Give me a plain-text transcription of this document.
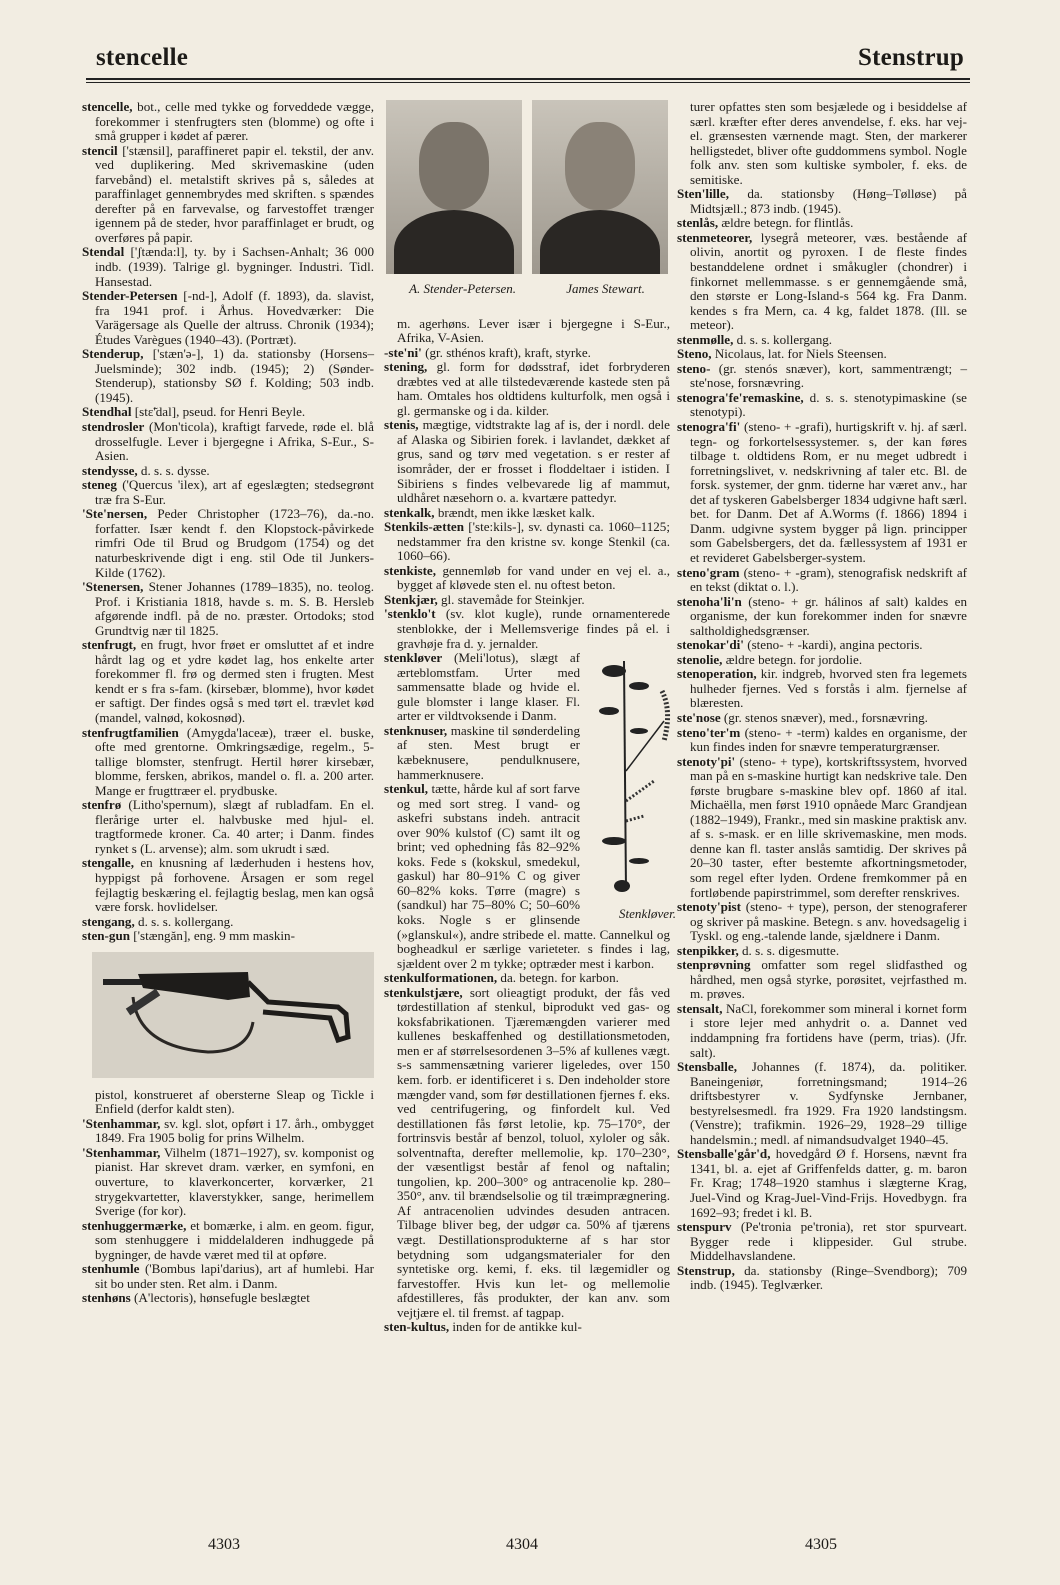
stencelle	Stenstrup

stencelle, bot., celle med tykke og forveddede vægge, forekommer i stenfrugters sten (blomme) og ofte i små grupper i kødet af pærer.

stencil ['stænsil], paraffineret papir el. tekstil, der anv. ved duplikering. Med skrivemaskine (uden farvebånd) el. metalstift skrives på s, således at paraffinlaget gennembrydes med skriften. s spændes derefter på en farvevalse, og farvestoffet trænger igennem på de steder, hvor paraffinlaget er brudt, og overføres på papir.

Stendal ['ʃtænda:l], ty. by i Sachsen-Anhalt; 36 000 indb. (1939). Talrige gl. bygninger. Industri. Tidl. Hansestad.

Stender-Petersen [-nd-], Adolf (f. 1893), da. slavist, fra 1941 prof. i Århus. Hovedværker: Die Varägersage als Quelle der altruss. Chronik (1934); Études Varègues (1940–43). (Portræt).

Stenderup, ['stæn'ə-], 1) da. stationsby (Horsens–Juelsminde); 302 indb. (1945); 2) (Sønder-Stenderup), stationsby SØ f. Kolding; 503 indb. (1945).

Stendhal [stɛ̃'dal], pseud. for Henri Beyle.

stendrosler (Mon'ticola), kraftigt farvede, røde el. blå drosselfugle. Lever i bjergegne i Afrika, S-Eur., S-Asien.

stendysse, d. s. s. dysse.

steneg ('Quercus 'ilex), art af egeslægten; stedsegrønt træ fra S-Eur.

'Ste'nersen, Peder Christopher (1723–76), da.-no. forfatter. Især kendt f. den Klopstock-påvirkede rimfri Ode til Brud og Brudgom (1754) og det naturbeskrivende digt i eng. stil Ode til Junkers-Kilde (1762).

'Stenersen, Stener Johannes (1789–1835), no. teolog. Prof. i Kristiania 1818, havde s. m. S. B. Hersleb afgørende indfl. på de no. præster. Ortodoks; stod Grundtvig nær til 1825.

stenfrugt, en frugt, hvor frøet er omsluttet af et indre hårdt lag og et ydre kødet lag, hos enkelte arter forekommer fl. frø og dermed sten i frugten. Mest kendt er s fra s-fam. (kirsebær, blomme), hvor kødet er saftigt. Der findes også s med tørt el. trævlet kød (mandel, valnød, kokosnød).

stenfrugtfamilien (Amygda'laceæ), træer el. buske, ofte med grentorne. Omkringsædige, regelm., 5-tallige blomster, stenfrugt. Hertil hører kirsebær, blomme, fersken, abrikos, mandel o. fl. a. 200 arter. Mange er frugttræer el. prydbuske.

stenfrø (Litho'spernum), slægt af rubladfam. En el. flerårige urter el. halvbuske med hjul- el. tragtformede kroner. Ca. 40 arter; i Danm. findes rynket s (L. arvense); alm. som ukrudt i sæd.

stengalle, en knusning af læderhuden i hestens hov, hyppigst på forhovene. Årsagen er som regel fejlagtig beskæring el. fejlagtig beslag, men kan også være forsk. hovlidelser.

stengang, d. s. s. kollergang.

sten-gun ['stængăn], eng. 9 mm maskin-

pistol, konstrueret af obersterne Sleap og Tickle i Enfield (derfor kaldt sten).

'Stenhammar, sv. kgl. slot, opført i 17. årh., ombygget 1849. Fra 1905 bolig for prins Wilhelm.

'Stenhammar, Vilhelm (1871–1927), sv. komponist og pianist. Har skrevet dram. værker, en symfoni, en ouverture, to klaverkoncerter, korværker, 21 strygekvartetter, klaverstykker, sange, herimellem Sverige (for kor).

stenhuggermærke, et bomærke, i alm. en geom. figur, som stenhuggere i middelalderen indhuggede på bygninger, de havde været med til at opføre.

stenhumle ('Bombus lapi'darius), art af humlebi. Har sit bo under sten. Ret alm. i Danm.

stenhøns (A'lectoris), hønsefugle beslægtet

A. Stender-Petersen.	James Stewart.

m. agerhøns. Lever især i bjergegne i S-Eur., Afrika, V-Asien.

-ste'ni' (gr. sthénos kraft), kraft, styrke.

stening, gl. form for dødsstraf, idet forbryderen dræbtes ved at alle tilstedeværende kastede sten på ham. Omtales hos oldtidens kulturfolk, men også i gl. germanske og i da. kilder.

stenis, mægtige, vidtstrakte lag af is, der i nordl. dele af Alaska og Sibirien forek. i lavlandet, dækket af grus, sand og tørv med vegetation. s er rester af isområder, der er frosset i floddeltaer i istiden. I Sibiriens s findes velbevarede lig af mammut, uldhåret næsehorn o. a. kvartære pattedyr.

stenkalk, brændt, men ikke læsket kalk.

Stenkils-ætten ['ste:kils-], sv. dynasti ca. 1060–1125; nedstammer fra den kristne sv. konge Stenkil (ca. 1060–66).

stenkiste, gennemløb for vand under en vej el. a., bygget af kløvede sten el. nu oftest beton.

Stenkjær, gl. stavemåde for Steinkjer.

'stenklo't (sv. klot kugle), runde ornamenterede stenblokke, der i Mellemsverige findes på el. i gravhøje fra d. y. jernalder.

Stenkløver.

stenkløver (Meli'lotus), slægt af ærteblomstfam. Urter med sammensatte blade og hvide el. gule blomster i lange klaser. Fl. arter er vildtvoksende i Danm.

stenknuser, maskine til sønderdeling af sten. Mest brugt er kæbeknusere, pendulknusere, hammerknusere.

stenkul, tætte, hårde kul af sort farve og med sort streg. I vand- og askefri substans indeh. antracit over 90% kulstof (C) samt ilt og brint; ved ophedning fås 82–92% koks. Fede s (kokskul, smedekul, gaskul) har 80–91% C og giver 60–82% koks. Tørre (magre) s (sandkul) har 75–80% C; 50–60% koks. Nogle s er glinsende (»glanskul«), andre stribede el. matte. Cannelkul og bogheadkul er særlige varieteter. s findes i lag, sjældent over 2 m tykke; optræder mest i karbon.

stenkulformationen, da. betegn. for karbon.

stenkulstjære, sort olieagtigt produkt, der fås ved tørdestillation af stenkul, biprodukt ved gas- og koksfabrikationen. Tjæremængden varierer med kullenes beskaffenhed og destillationsmetoden, men er af størrelsesordenen 3–5% af kullenes vægt. s-s sammensætning varierer ligeledes, over 150 kem. forb. er identificeret i s. Den indeholder store mængder vand, som før destillationen fjernes f. eks. ved centrifugering, og finfordelt kul. Ved destillationen fås først letolie, kp. 75–170°, der fortrinsvis består af benzol, toluol, xyloler og såk. solventnafta, derefter mellemolie, kp. 170–230°, der væsentligst består af fenol og naftalin; tungolien, kp. 200–300° og antracenolie kp. 280–350°, anv. til brændselsolie og til træimprægnering. Af antracenolien udvindes desuden antracen. Tilbage bliver beg, der udgør ca. 50% af tjærens vægt. Destillationsprodukterne af s har stor betydning som udgangsmaterialer for den syntetiske org. kemi, f. eks. til lægemidler og farvestoffer. Hvis kun let- og mellemolie afdestilleres, fås produkter, der kan anv. som vejtjære el. til fremst. af tagpap.

sten-kultus, inden for de antikke kul-

turer opfattes sten som besjælede og i besiddelse af særl. kræfter efter deres anvendelse, f. eks. har vej- el. grænsesten værnende magt. Sten, der markerer helligstedet, bliver ofte guddommens symbol. Nogle folk anv. sten som kultiske symboler, f. eks. de semitiske.

Sten'lille, da. stationsby (Høng–Tølløse) på Midtsjæll.; 873 indb. (1945).

stenlås, ældre betegn. for flintlås.

stenmeteorer, lysegrå meteorer, væs. bestående af olivin, anortit og pyroxen. I de fleste findes bestanddelene ordnet i småkugler (chondrer) i finkornet mellemmasse. s er gennemgående små, den største er Long-Island-s 564 kg. Fra Danm. kendes s fra Mern, ca. 4 kg, faldet 1878. (Ill. se meteor).

stenmølle, d. s. s. kollergang.

Steno, Nicolaus, lat. for Niels Steensen.

steno- (gr. stenós snæver), kort, sammentrængt; – ste'nose, forsnævring.

stenogra'fe'remaskine, d. s. s. stenotypimaskine (se stenotypi).

stenogra'fi' (steno- + -grafi), hurtigskrift v. hj. af særl. tegn- og forkortelsessystemer. s, der kan føres tilbage t. oldtidens Rom, er nu meget udbredt i forretningslivet, v. nedskrivning af taler etc. Bl. de forsk. systemer, der gnm. tiderne har været anv., har det af tyskeren Gabelsberger 1834 udgivne haft særl. bet. for Danm. Det af A.Worms (f. 1866) 1894 i Danm. udgivne system bygger på lign. principper som Gabelsbergers, det da. fællessystem af 1931 er et revideret Gabelsberger-system.

steno'gram (steno- + -gram), stenografisk nedskrift af en tekst (diktat o. l.).

stenoha'li'n (steno- + gr. hálinos af salt) kaldes en organisme, der kun forekommer inden for snævre saltholdighedsgrænser.

stenokar'di' (steno- + -kardi), angina pectoris.

stenolie, ældre betegn. for jordolie.

stenoperation, kir. indgreb, hvorved sten fra legemets hulheder fjernes. Ved s forstås i alm. fjernelse af blæresten.

ste'nose (gr. stenos snæver), med., forsnævring.

steno'ter'm (steno- + -term) kaldes en organisme, der kun findes inden for snævre temperaturgrænser.

stenoty'pi' (steno- + type), kortskriftssystem, hvorved man på en s-maskine hurtigt kan nedskrive tale. Den første brugbare s-maskine blev opf. 1860 af ital. Michaëlla, men først 1910 opnåede Marc Grandjean (1882–1949), Frankr., med sin maskine praktisk anv. af s. s-mask. er en lille skrivemaskine, men mods. denne kan fl. taster anslås samtidig. Der skrives på 20–30 taster, efter bestemte afkortningsmetoder, som regel efter lyden. Ordene fremkommer på en fortløbende papirstrimmel, som derefter renskrives.

stenoty'pist (steno- + type), person, der stenograferer og skriver på maskine. Betegn. s anv. hovedsagelig i Tyskl. og eng.-talende lande, sjældnere i Danm.

stenpikker, d. s. s. digesmutte.

stenprøvning omfatter som regel slidfasthed og hårdhed, men også styrke, porøsitet, vejrfasthed m. m. prøves.

stensalt, NaCl, forekommer som mineral i kornet form i store lejer med anhydrit o. a. Dannet ved inddampning fra fortidens have (perm, trias). (Jfr. salt).

Stensballe, Johannes (f. 1874), da. politiker. Baneingeniør, forretningsmand; 1914–26 driftsbestyrer v. Sydfynske Jernbaner, bestyrelsesmedl. fra 1929. Fra 1920 landstingsm. (Venstre); trafikmin. 1926–29, 1928–29 tillige handelsmin.; medl. af nimandsudvalget 1940–45.

Stensballe'går'd, hovedgård Ø f. Horsens, nævnt fra 1341, bl. a. ejet af Griffenfelds datter, g. m. baron Fr. Krag; 1748–1920 stamhus i slægterne Krag, Juel-Vind og Krag-Juel-Vind-Frijs. Hovedbygn. fra 1692–93; fredet i kl. B.

stenspurv (Pe'tronia pe'tronia), ret stor spurveart. Bygger rede i klippesider. Gul strube. Middelhavslandene.

Stenstrup, da. stationsby (Ringe–Svendborg); 709 indb. (1945). Teglværker.

4303	4304	4305
